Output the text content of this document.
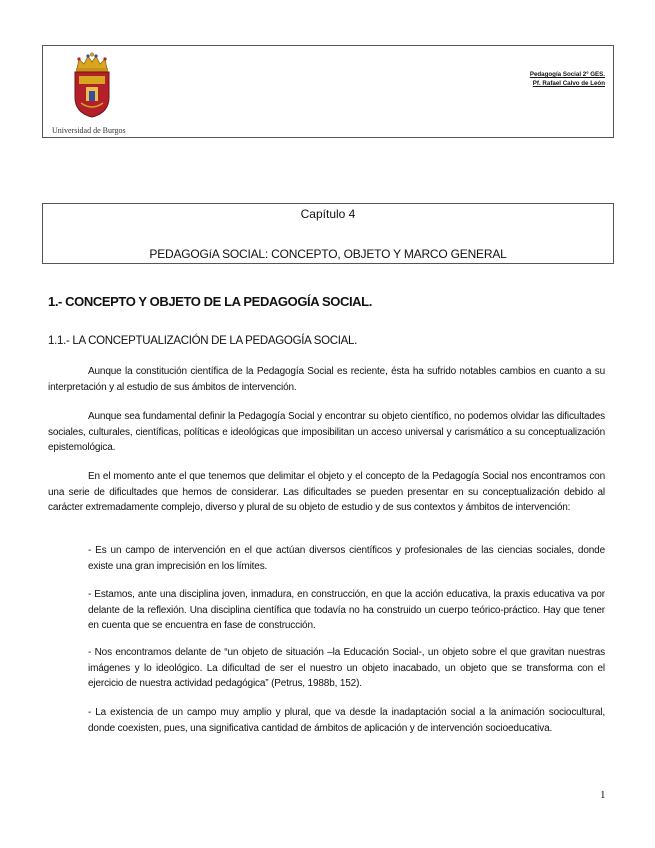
Universidad de Burgos
Pedagogía Social 2º GES.
Pf. Rafael Calvo de León
Capítulo 4
PEDAGOGíA SOCIAL: CONCEPTO, OBJETO Y MARCO GENERAL
1.- CONCEPTO Y OBJETO DE LA PEDAGOGÍA SOCIAL.
1.1.- LA CONCEPTUALIZACIÓN DE LA PEDAGOGÍA SOCIAL.

Aunque la constitución científica de la Pedagogía Social es reciente, ésta ha sufrido notables cambios en cuanto a su interpretación y al estudio de sus ámbitos de intervención.

Aunque sea fundamental definir la Pedagogía Social y encontrar su objeto científico, no podemos olvidar las dificultades sociales, culturales, científicas, políticas e ideológicas que imposibilitan un acceso universal y carismático a su conceptualización epistemológica.

En el momento ante el que tenemos que delimitar el objeto y el concepto de la Pedagogía Social nos encontramos con una serie de dificultades que hemos de considerar. Las dificultades se pueden presentar en su conceptualización debido al carácter extremadamente complejo, diverso y plural de su objeto de estudio y de sus contextos y ámbitos de intervención:

- Es un campo de intervención en el que actúan diversos científicos y profesionales de las ciencias sociales, donde existe una gran imprecisión en los límites.

- Estamos, ante una disciplina joven, inmadura, en construcción, en que la acción educativa, la praxis educativa va por delante de la reflexión. Una disciplina científica que todavía no ha construido un cuerpo teórico-práctico. Hay que tener en cuenta que se encuentra en fase de construcción.

- Nos encontramos delante de “un objeto de situación –la Educación Social-, un objeto sobre el que gravitan nuestras imágenes y lo ideológico. La dificultad de ser el nuestro un objeto inacabado, un objeto que se transforma con el ejercicio de nuestra actividad pedagógica” (Petrus, 1988b, 152).

- La existencia de un campo muy amplio y plural, que va desde la inadaptación social a la animación sociocultural, donde coexisten, pues, una significativa cantidad de ámbitos de aplicación y de intervención socioeducativa.

1
